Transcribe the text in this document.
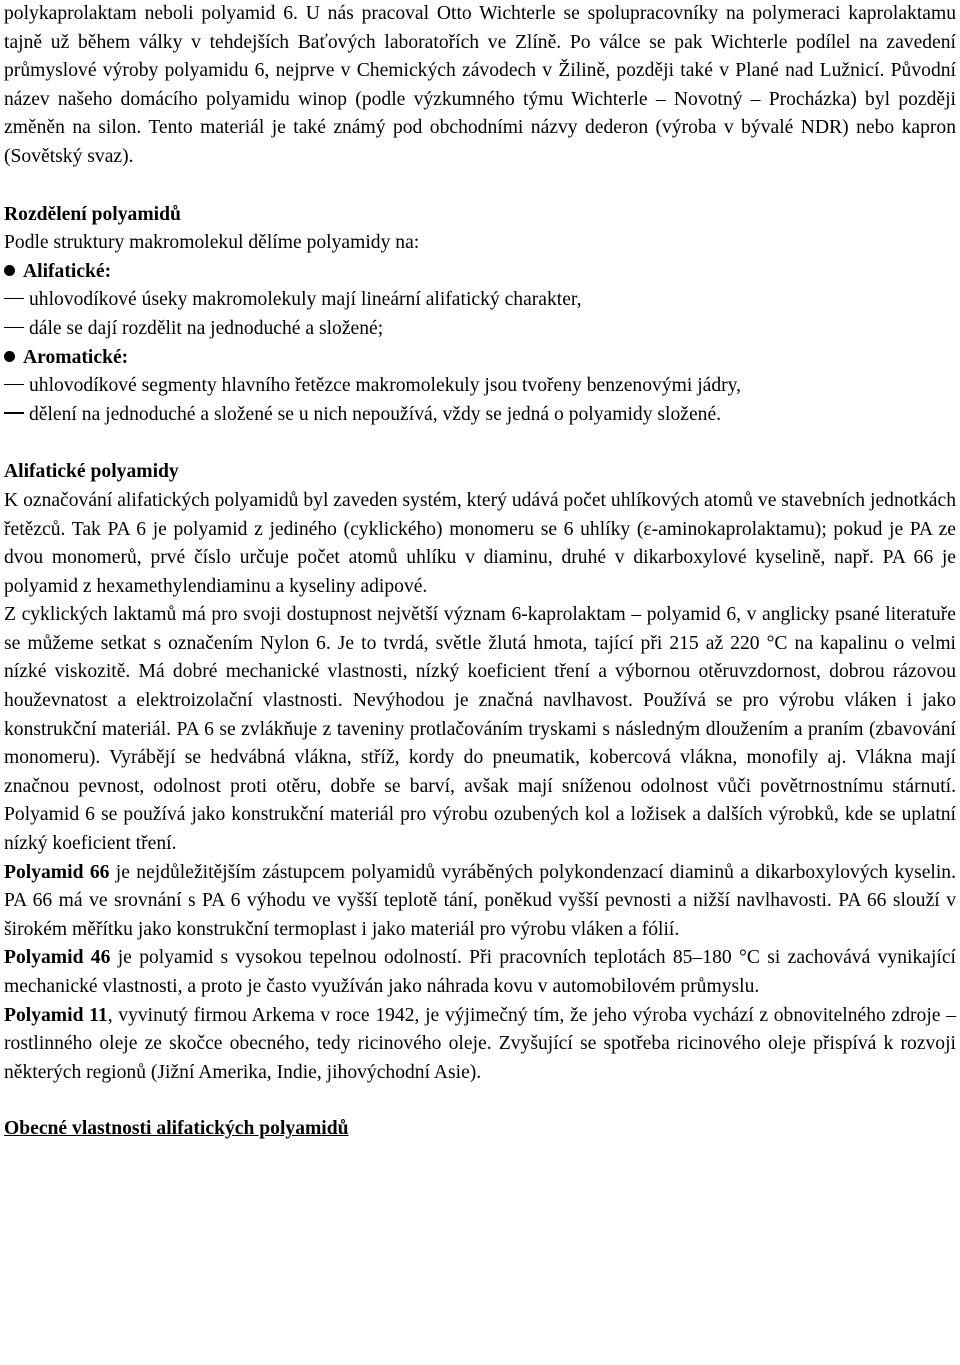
polykaprolaktam neboli polyamid 6. U nás pracoval Otto Wichterle se spolupracovníky na polymeraci kaprolaktamu tajně už během války v tehdejších Baťových laboratořích ve Zlíně. Po válce se pak Wichterle podílel na zavedení průmyslové výroby polyamidu 6, nejprve v Chemických závodech v Žilině, později také v Plané nad Lužnicí. Původní název našeho domácího polyamidu winop (podle výzkumného týmu Wichterle – Novotný – Procházka) byl později změněn na silon. Tento materiál je také známý pod obchodními názvy dederon (výroba v bývalé NDR) nebo kapron (Sovětský svaz).

Rozdělení polyamidů

Podle struktury makromolekul dělíme polyamidy na:

Alifatické:

uhlovodíkové úseky makromolekuly mají lineární alifatický charakter,

dále se dají rozdělit na jednoduché a složené;

Aromatické:

uhlovodíkové segmenty hlavního řetězce makromolekuly jsou tvořeny benzenovými jádry,

dělení na jednoduché a složené se u nich nepoužívá, vždy se jedná o polyamidy složené.

Alifatické polyamidy

K označování alifatických polyamidů byl zaveden systém, který udává počet uhlíkových atomů ve stavebních jednotkách řetězců. Tak PA 6 je polyamid z jediného (cyklického) monomeru se 6 uhlíky (ε-aminokaprolaktamu); pokud je PA ze dvou monomerů, prvé číslo určuje počet atomů uhlíku v diaminu, druhé v dikarboxylové kyselině, např. PA 66 je polyamid z hexamethylendiaminu a kyseliny adipové.

Z cyklických laktamů má pro svoji dostupnost největší význam 6-kaprolaktam – polyamid 6, v anglicky psané literatuře se můžeme setkat s označením Nylon 6. Je to tvrdá, světle žlutá hmota, tající při 215 až 220 °C na kapalinu o velmi nízké viskozitě. Má dobré mechanické vlastnosti, nízký koeficient tření a výbornou otěruvzdornost, dobrou rázovou houževnatost a elektroizolační vlastnosti. Nevýhodou je značná navlhavost. Používá se pro výrobu vláken i jako konstrukční materiál. PA 6 se zvlákňuje z taveniny protlačováním tryskami s následným dloužením a praním (zbavování monomeru). Vyrábějí se hedvábná vlákna, stříž, kordy do pneumatik, kobercová vlákna, monofily aj. Vlákna mají značnou pevnost, odolnost proti otěru, dobře se barví, avšak mají sníženou odolnost vůči povětrnostnímu stárnutí. Polyamid 6 se používá jako konstrukční materiál pro výrobu ozubených kol a ložisek a dalších výrobků, kde se uplatní nízký koeficient tření.

Polyamid 66 je nejdůležitějším zástupcem polyamidů vyráběných polykondenzací diaminů a dikarboxylových kyselin. PA 66 má ve srovnání s PA 6 výhodu ve vyšší teplotě tání, poněkud vyšší pevnosti a nižší navlhavosti. PA 66 slouží v širokém měřítku jako konstrukční termoplast i jako materiál pro výrobu vláken a fólií.

Polyamid 46 je polyamid s vysokou tepelnou odolností. Při pracovních teplotách 85–180 °C si zachovává vynikající mechanické vlastnosti, a proto je často využíván jako náhrada kovu v automobilovém průmyslu.

Polyamid 11, vyvinutý firmou Arkema v roce 1942, je výjimečný tím, že jeho výroba vychází z obnovitelného zdroje – rostlinného oleje ze skočce obecného, tedy ricinového oleje. Zvyšující se spotřeba ricinového oleje přispívá k rozvoji některých regionů (Jižní Amerika, Indie, jihovýchodní Asie).

Obecné vlastnosti alifatických polyamidů
